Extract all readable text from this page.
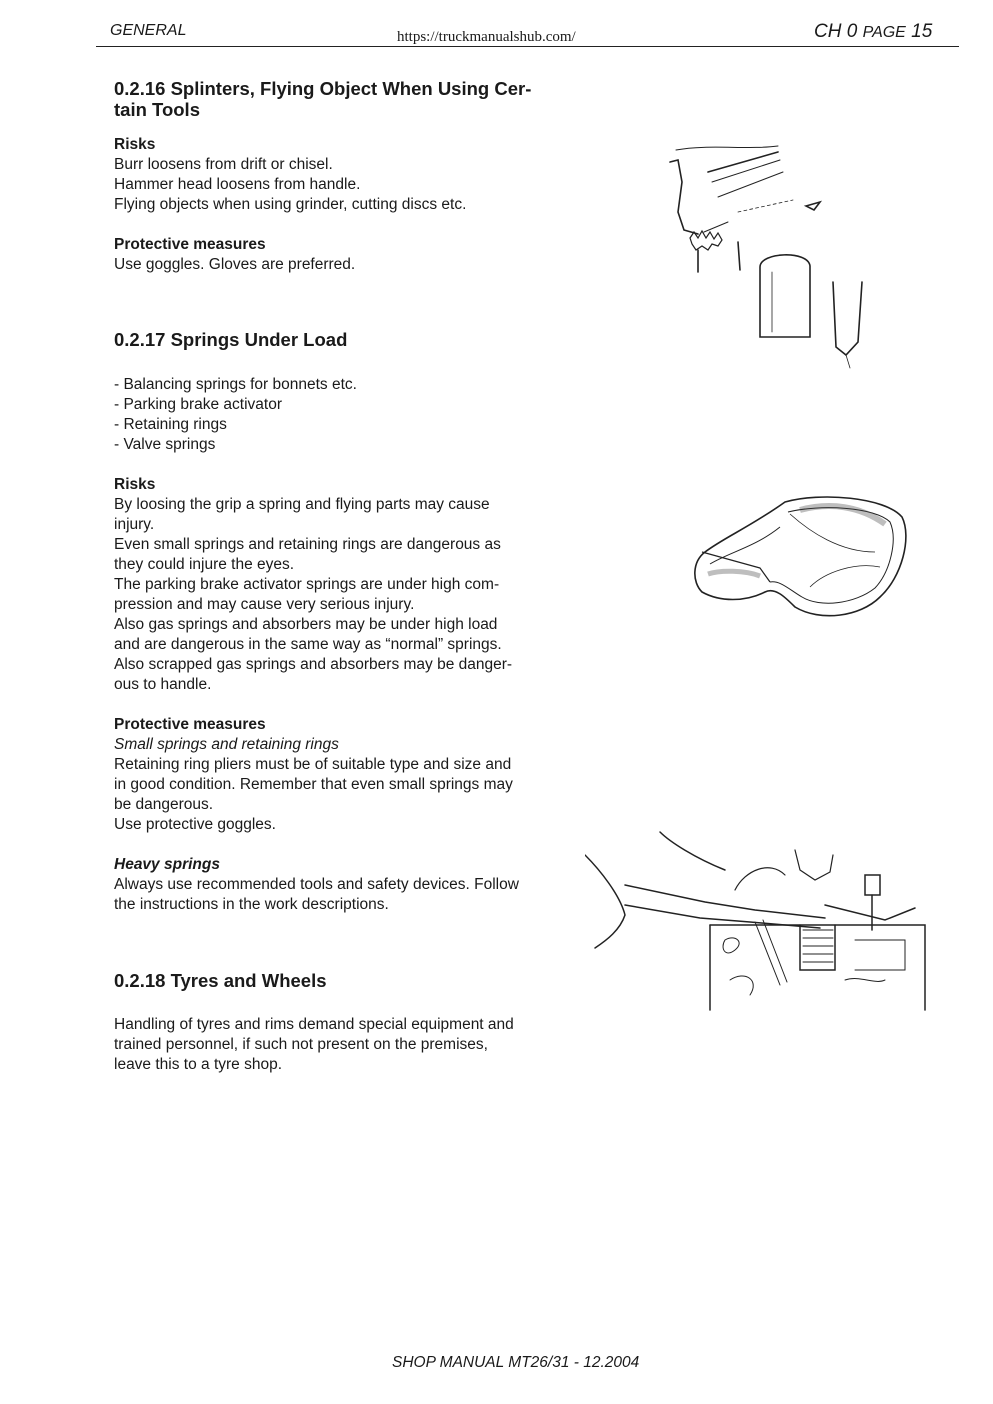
GENERAL	https://truckmanualshub.com/	CH 0 PAGE 15
0.2.16 Splinters, Flying Object When Using Cer-
tain Tools
Risks
Burr loosens from drift or chisel.
Hammer head loosens from handle.
Flying objects when using grinder, cutting discs etc.
Protective measures
Use goggles. Gloves are preferred.
0.2.17 Springs Under Load
- Balancing springs for bonnets etc.
- Parking brake activator
- Retaining rings
- Valve springs
Risks
By loosing the grip a spring and flying parts may cause
injury.
Even small springs and retaining rings are dangerous as
they could injure the eyes.
The parking brake activator springs are under high com-
pression and may cause very serious injury.
Also gas springs and absorbers may be under high load
and are dangerous in the same way as “normal” springs.
Also scrapped gas springs and absorbers may be danger-
ous to handle.
Protective measures
Small springs and retaining rings
Retaining ring pliers must be of suitable type and size and
in good condition. Remember that even small springs may
be dangerous.
Use protective goggles.
Heavy springs
Always use recommended tools and safety devices. Follow
the instructions in the work descriptions.
0.2.18 Tyres and Wheels
Handling of tyres and rims demand special equipment and
trained personnel, if such not present on the premises,
leave this to a tyre shop.
SHOP MANUAL MT26/31 - 12.2004
